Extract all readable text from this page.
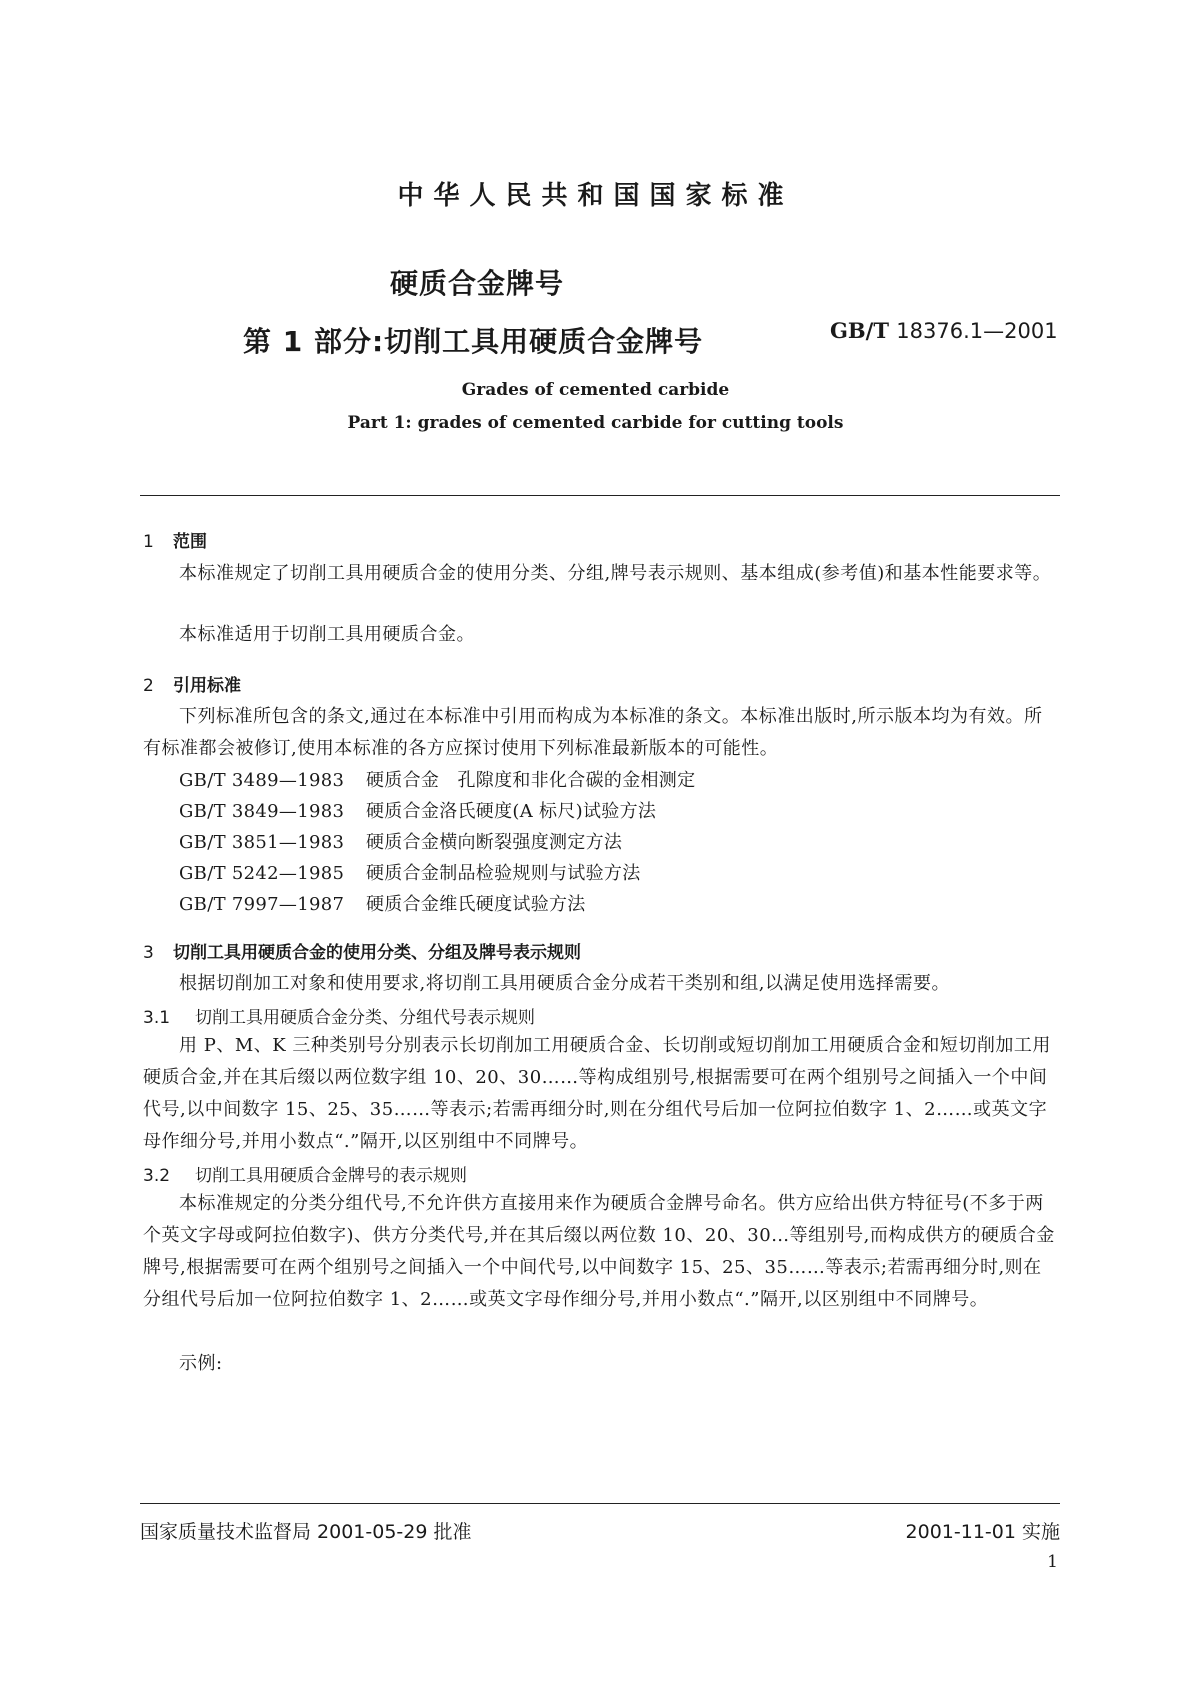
中华人民共和国国家标准
硬质合金牌号
第 1 部分:切削工具用硬质合金牌号	GB/T 18376.1—2001
Grades of cemented carbide
Part 1: grades of cemented carbide for cutting tools
1 范围

本标准规定了切削工具用硬质合金的使用分类、分组,牌号表示规则、基本组成(参考值)和基本性能要求等。

本标准适用于切削工具用硬质合金。

2 引用标准

下列标准所包含的条文,通过在本标准中引用而构成为本标准的条文。本标准出版时,所示版本均为有效。所有标准都会被修订,使用本标准的各方应探讨使用下列标准最新版本的可能性。

GB/T 3489—1983 硬质合金　孔隙度和非化合碳的金相测定
GB/T 3849—1983 硬质合金洛氏硬度(A 标尺)试验方法
GB/T 3851—1983 硬质合金横向断裂强度测定方法
GB/T 5242—1985 硬质合金制品检验规则与试验方法
GB/T 7997—1987 硬质合金维氏硬度试验方法
3 切削工具用硬质合金的使用分类、分组及牌号表示规则

根据切削加工对象和使用要求,将切削工具用硬质合金分成若干类别和组,以满足使用选择需要。

3.1 切削工具用硬质合金分类、分组代号表示规则

用 P、M、K 三种类别号分别表示长切削加工用硬质合金、长切削或短切削加工用硬质合金和短切削加工用硬质合金,并在其后缀以两位数字组 10、20、30……等构成组别号,根据需要可在两个组别号之间插入一个中间代号,以中间数字 15、25、35……等表示;若需再细分时,则在分组代号后加一位阿拉伯数字 1、2……或英文字母作细分号,并用小数点“.”隔开,以区别组中不同牌号。

3.2 切削工具用硬质合金牌号的表示规则

本标准规定的分类分组代号,不允许供方直接用来作为硬质合金牌号命名。供方应给出供方特征号(不多于两个英文字母或阿拉伯数字)、供方分类代号,并在其后缀以两位数 10、20、30…等组别号,而构成供方的硬质合金牌号,根据需要可在两个组别号之间插入一个中间代号,以中间数字 15、25、35……等表示;若需再细分时,则在分组代号后加一位阿拉伯数字 1、2……或英文字母作细分号,并用小数点“.”隔开,以区别组中不同牌号。

示例:

国家质量技术监督局 2001-05-29 批准	2001-11-01 实施
1
